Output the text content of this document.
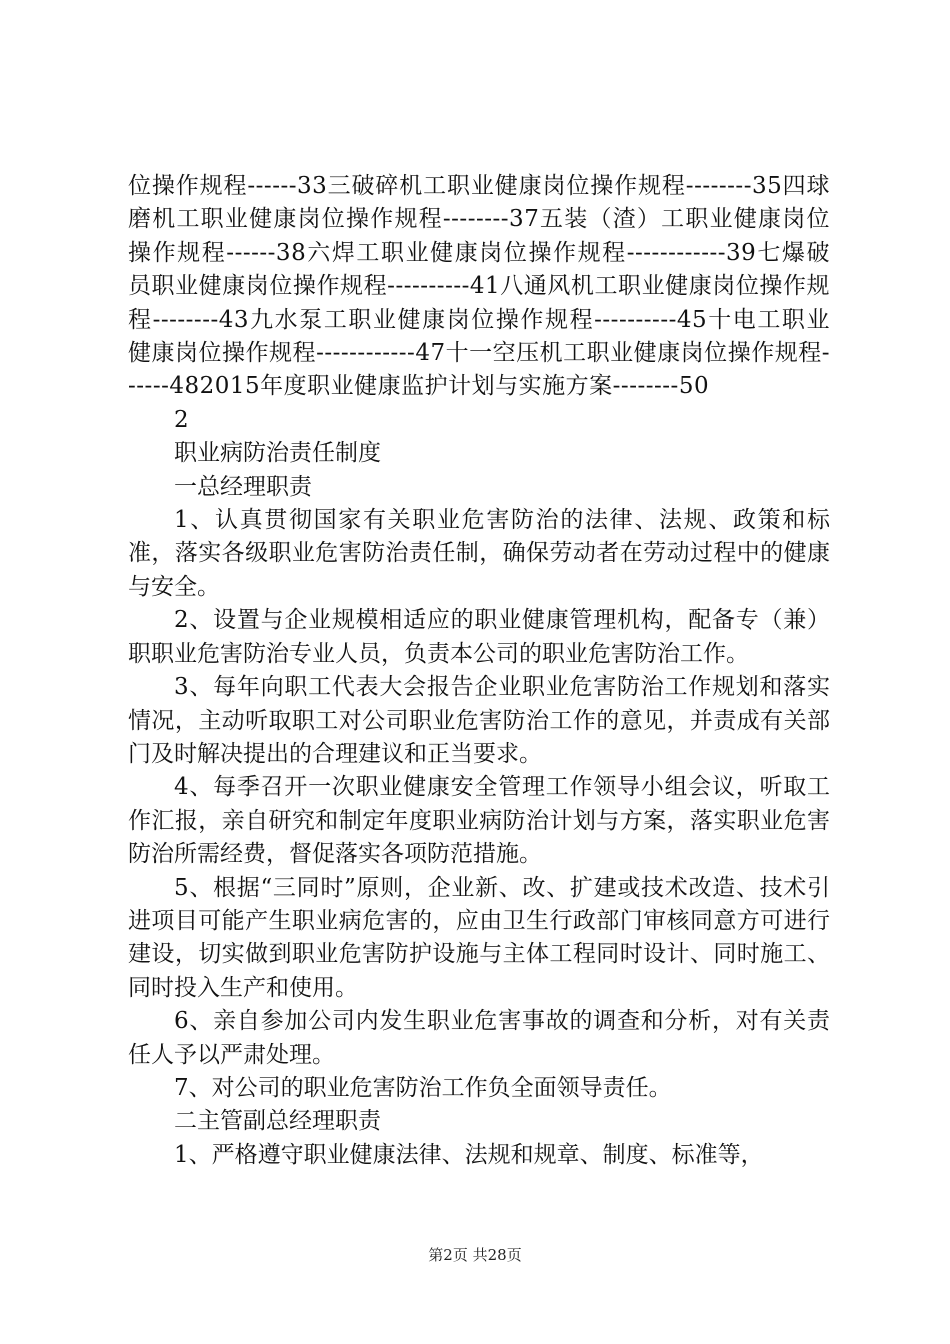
位操作规程------33三破碎机工职业健康岗位操作规程--------35四球磨机工职业健康岗位操作规程--------37五装（渣）工职业健康岗位操作规程------38六焊工职业健康岗位操作规程------------39七爆破员职业健康岗位操作规程----------41八通风机工职业健康岗位操作规程--------43九水泵工职业健康岗位操作规程----------45十电工职业健康岗位操作规程------------47十一空压机工职业健康岗位操作规程------482015年度职业健康监护计划与实施方案--------50

2

职业病防治责任制度

一总经理职责

1、认真贯彻国家有关职业危害防治的法律、法规、政策和标准，落实各级职业危害防治责任制，确保劳动者在劳动过程中的健康与安全。

2、设置与企业规模相适应的职业健康管理机构，配备专（兼）职职业危害防治专业人员，负责本公司的职业危害防治工作。

3、每年向职工代表大会报告企业职业危害防治工作规划和落实情况，主动听取职工对公司职业危害防治工作的意见，并责成有关部门及时解决提出的合理建议和正当要求。

4、每季召开一次职业健康安全管理工作领导小组会议，听取工作汇报，亲自研究和制定年度职业病防治计划与方案，落实职业危害防治所需经费，督促落实各项防范措施。

5、根据“三同时”原则，企业新、改、扩建或技术改造、技术引进项目可能产生职业病危害的，应由卫生行政部门审核同意方可进行建设，切实做到职业危害防护设施与主体工程同时设计、同时施工、同时投入生产和使用。

6、亲自参加公司内发生职业危害事故的调查和分析，对有关责任人予以严肃处理。

7、对公司的职业危害防治工作负全面领导责任。

二主管副总经理职责

1、严格遵守职业健康法律、法规和规章、制度、标准等，

第2页 共28页
